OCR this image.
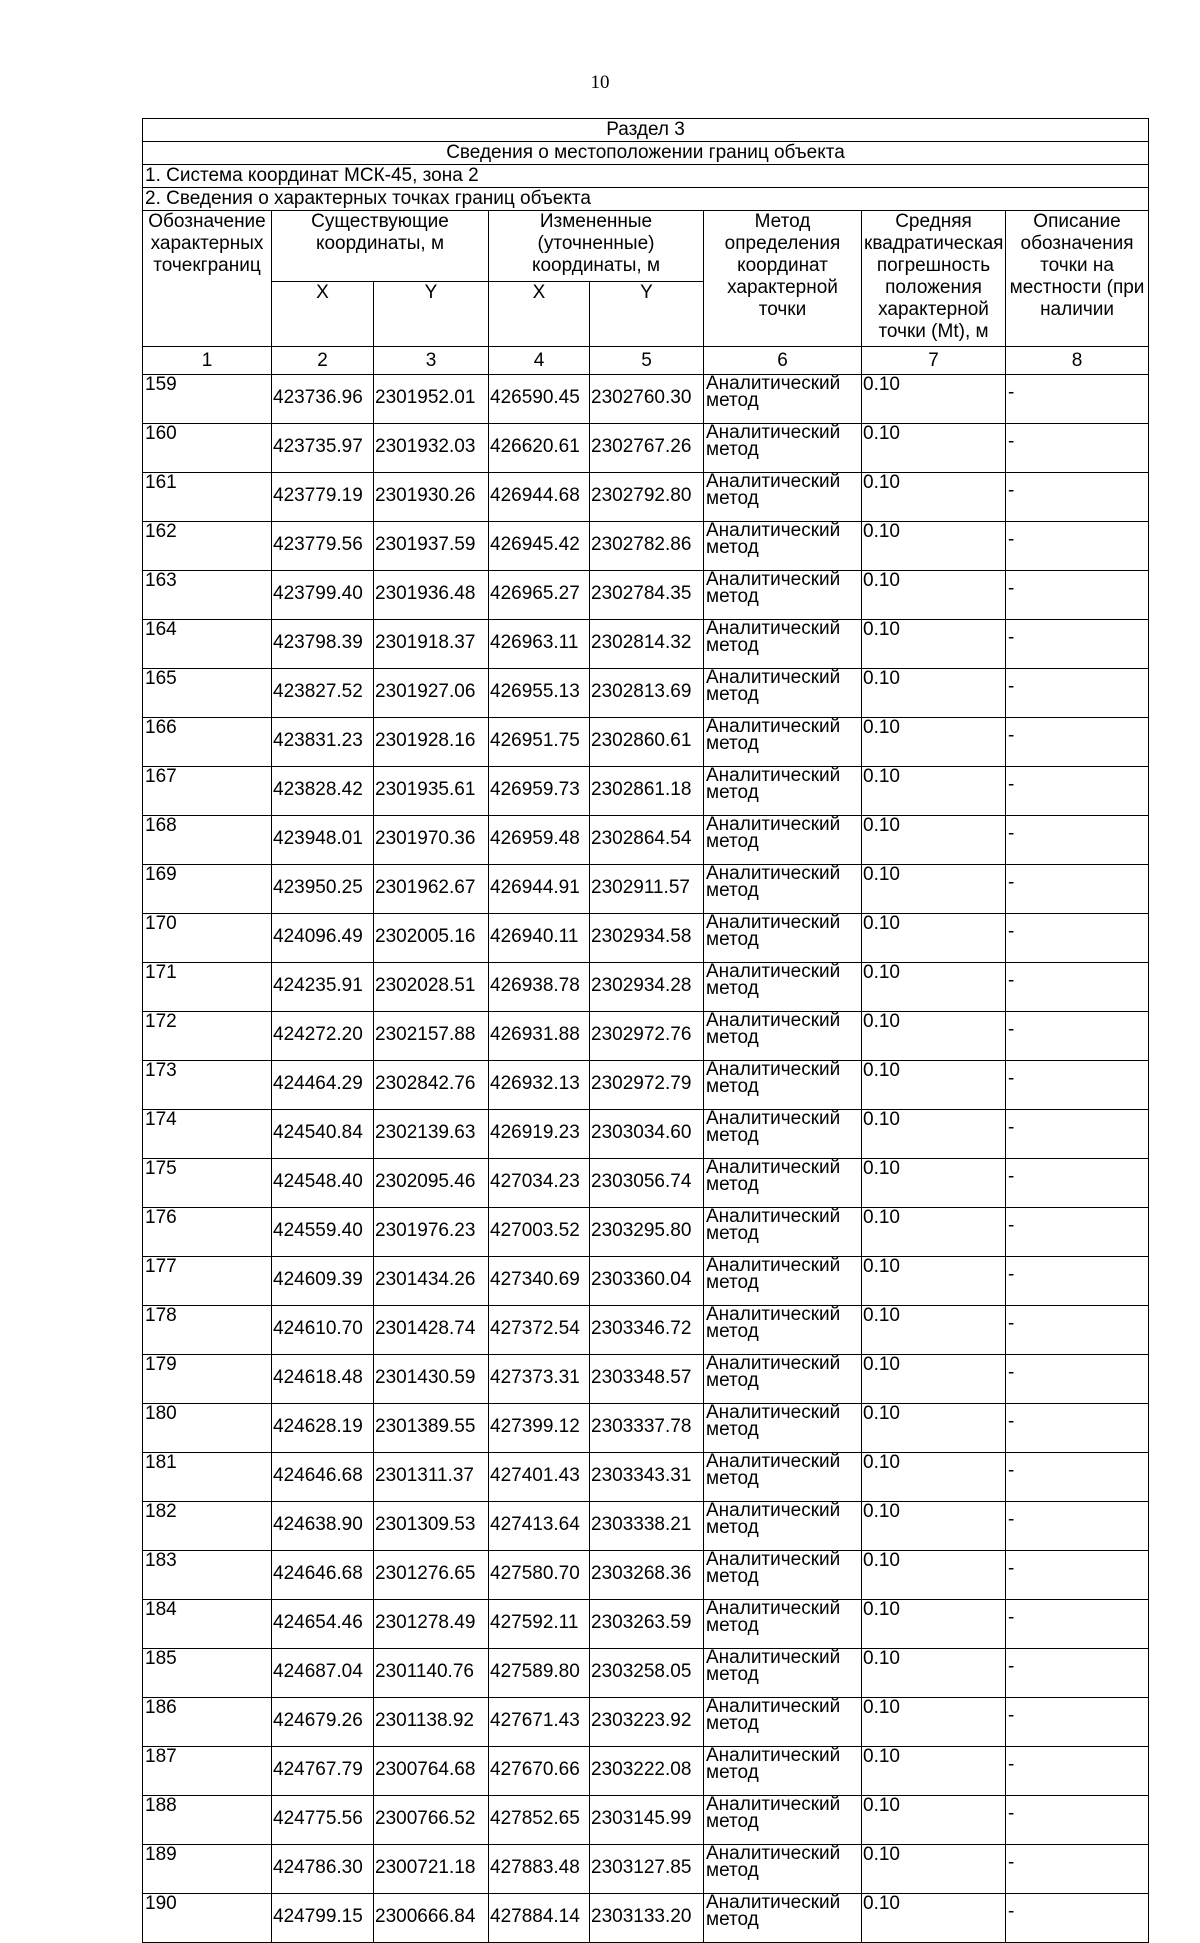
10
Раздел 3							
Сведения о местоположении границ объекта							
1. Система координат МСК-45, зона 2							
2. Сведения о характерных точках границ объекта							
Обозначение характерных точекграниц	Существующие координаты, м		Измененные (уточненные) координаты, м		Метод определения координат характерной точки	Средняя квадратическая погрешность положения характерной точки (Mt), м	Описание обозначения точки на местности (при наличии
	X	Y	X	Y			
1	2	3	4	5	6	7	8
159	423736.96	2301952.01	426590.45	2302760.30	Аналитический метод	0.10	-
160	423735.97	2301932.03	426620.61	2302767.26	Аналитический метод	0.10	-
161	423779.19	2301930.26	426944.68	2302792.80	Аналитический метод	0.10	-
162	423779.56	2301937.59	426945.42	2302782.86	Аналитический метод	0.10	-
163	423799.40	2301936.48	426965.27	2302784.35	Аналитический метод	0.10	-
164	423798.39	2301918.37	426963.11	2302814.32	Аналитический метод	0.10	-
165	423827.52	2301927.06	426955.13	2302813.69	Аналитический метод	0.10	-
166	423831.23	2301928.16	426951.75	2302860.61	Аналитический метод	0.10	-
167	423828.42	2301935.61	426959.73	2302861.18	Аналитический метод	0.10	-
168	423948.01	2301970.36	426959.48	2302864.54	Аналитический метод	0.10	-
169	423950.25	2301962.67	426944.91	2302911.57	Аналитический метод	0.10	-
170	424096.49	2302005.16	426940.11	2302934.58	Аналитический метод	0.10	-
171	424235.91	2302028.51	426938.78	2302934.28	Аналитический метод	0.10	-
172	424272.20	2302157.88	426931.88	2302972.76	Аналитический метод	0.10	-
173	424464.29	2302842.76	426932.13	2302972.79	Аналитический метод	0.10	-
174	424540.84	2302139.63	426919.23	2303034.60	Аналитический метод	0.10	-
175	424548.40	2302095.46	427034.23	2303056.74	Аналитический метод	0.10	-
176	424559.40	2301976.23	427003.52	2303295.80	Аналитический метод	0.10	-
177	424609.39	2301434.26	427340.69	2303360.04	Аналитический метод	0.10	-
178	424610.70	2301428.74	427372.54	2303346.72	Аналитический метод	0.10	-
179	424618.48	2301430.59	427373.31	2303348.57	Аналитический метод	0.10	-
180	424628.19	2301389.55	427399.12	2303337.78	Аналитический метод	0.10	-
181	424646.68	2301311.37	427401.43	2303343.31	Аналитический метод	0.10	-
182	424638.90	2301309.53	427413.64	2303338.21	Аналитический метод	0.10	-
183	424646.68	2301276.65	427580.70	2303268.36	Аналитический метод	0.10	-
184	424654.46	2301278.49	427592.11	2303263.59	Аналитический метод	0.10	-
185	424687.04	2301140.76	427589.80	2303258.05	Аналитический метод	0.10	-
186	424679.26	2301138.92	427671.43	2303223.92	Аналитический метод	0.10	-
187	424767.79	2300764.68	427670.66	2303222.08	Аналитический метод	0.10	-
188	424775.56	2300766.52	427852.65	2303145.99	Аналитический метод	0.10	-
189	424786.30	2300721.18	427883.48	2303127.85	Аналитический метод	0.10	-
190	424799.15	2300666.84	427884.14	2303133.20	Аналитический метод	0.10	-
